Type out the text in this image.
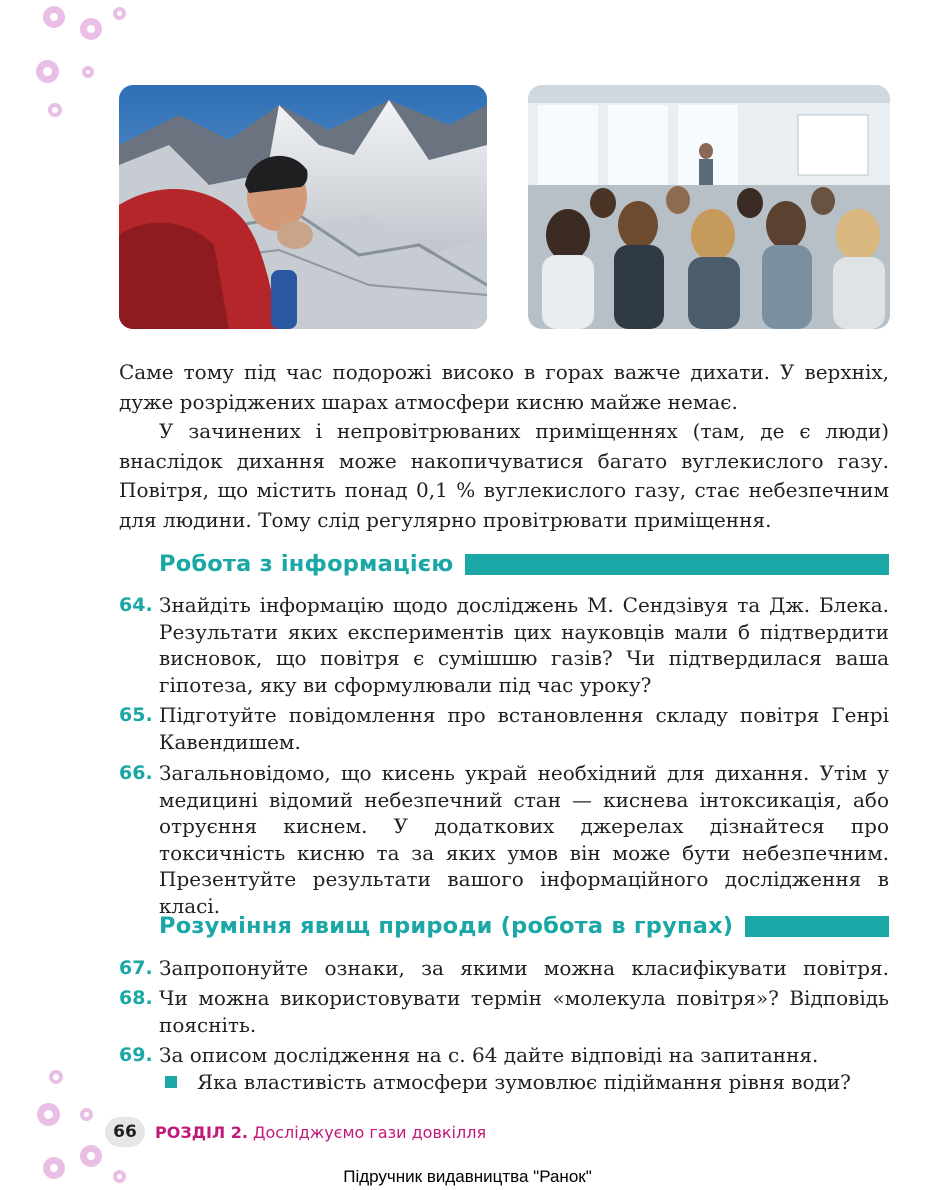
Саме тому під час подорожі високо в горах важче дихати. У верхніх, дуже розріджених шарах атмосфери кисню майже немає.

У зачинених і непровітрюваних приміщеннях (там, де є люди) внаслідок дихання може накопичуватися багато вуглекислого газу. Повітря, що містить понад 0,1 % вуглекислого газу, стає небезпечним для людини. Тому слід регулярно провітрювати приміщення.

Робота з інформацією
64. Знайдіть інформацію щодо досліджень М. Сендзівуя та Дж. Блека. Результати яких експериментів цих науковців мали б підтвердити висновок, що повітря є сумішшю газів? Чи підтвердилася ваша гіпотеза, яку ви сформулювали під час уроку?

65. Підготуйте повідомлення про встановлення складу повітря Генрі Кавендишем.

66. Загальновідомо, що кисень украй необхідний для дихання. Утім у медицині відомий небезпечний стан — киснева інтоксикація, або отруєння киснем. У додаткових джерелах дізнайтеся про токсичність кисню та за яких умов він може бути небезпечним. Презентуйте результати вашого інформаційного дослідження в класі.

Розуміння явищ природи (робота в групах)
67. Запропонуйте ознаки, за якими можна класифікувати повітря.

68. Чи можна використовувати термін «молекула повітря»? Відповідь поясніть.

69. За описом дослідження на с. 64 дайте відповіді на запитання.

Яка властивість атмосфери зумовлює підіймання рівня води?
66	РОЗДІЛ 2. Досліджуємо гази довкілля
Підручник видавництва "Ранок"
